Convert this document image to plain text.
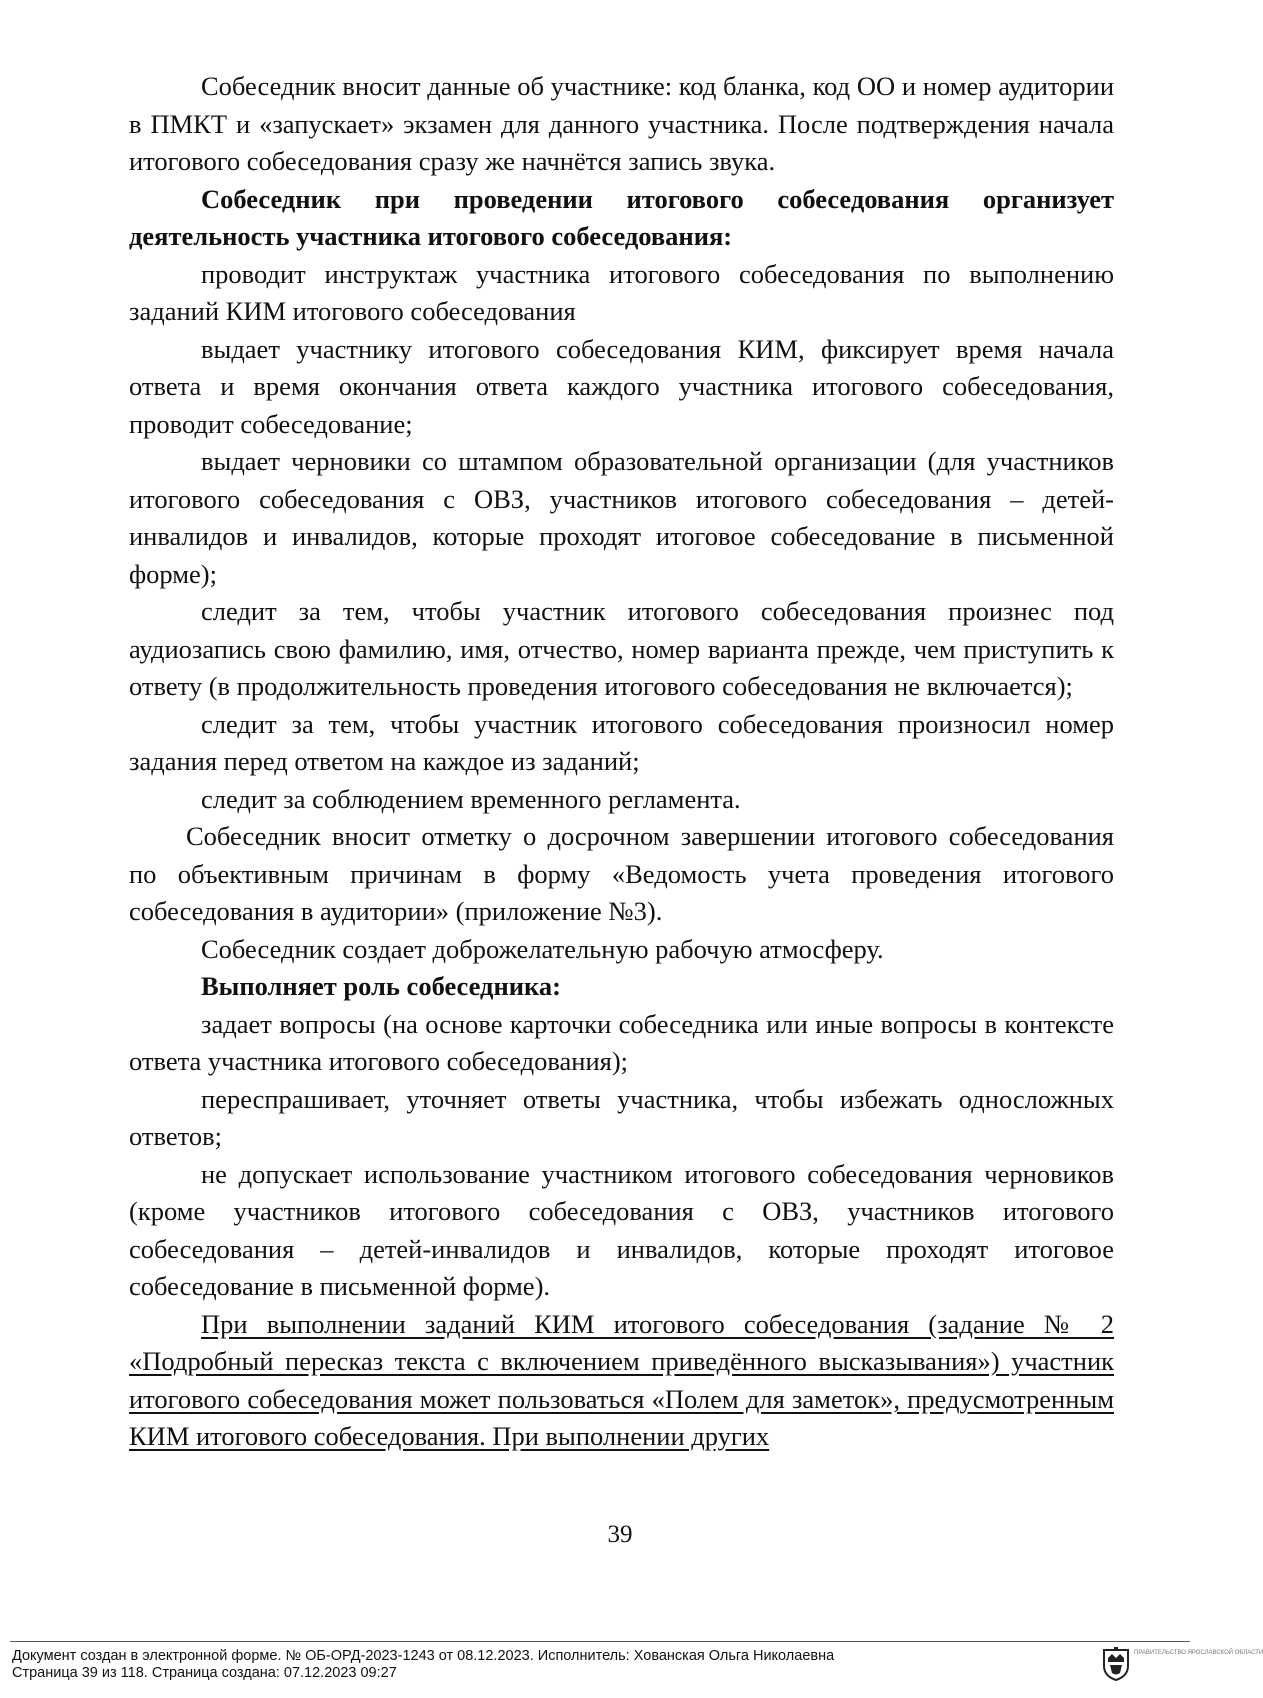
Собеседник вносит данные об участнике: код бланка, код ОО и номер аудитории в ПМКТ и «запускает» экзамен для данного участника. После подтверждения начала итогового собеседования сразу же начнётся запись звука.

Собеседник при проведении итогового собеседования организует деятельность участника итогового собеседования:

проводит инструктаж участника итогового собеседования по выполнению заданий КИМ итогового собеседования

выдает участнику итогового собеседования КИМ, фиксирует время начала ответа и время окончания ответа каждого участника итогового собеседования, проводит собеседование;

выдает черновики со штампом образовательной организации (для участников итогового собеседования с ОВЗ, участников итогового собеседования – детей-инвалидов и инвалидов, которые проходят итоговое собеседование в письменной форме);

следит за тем, чтобы участник итогового собеседования произнес под аудиозапись свою фамилию, имя, отчество, номер варианта прежде, чем приступить к ответу (в продолжительность проведения итогового собеседования не включается);

следит за тем, чтобы участник итогового собеседования произносил номер задания перед ответом на каждое из заданий;

следит за соблюдением временного регламента.

Собеседник вносит отметку о досрочном завершении итогового собеседования по объективным причинам в форму «Ведомость учета проведения итогового собеседования в аудитории» (приложение №3).

Собеседник создает доброжелательную рабочую атмосферу.

Выполняет роль собеседника:

задает вопросы (на основе карточки собеседника или иные вопросы в контексте ответа участника итогового собеседования);

переспрашивает, уточняет ответы участника, чтобы избежать односложных ответов;

не допускает использование участником итогового собеседования черновиков (кроме участников итогового собеседования с ОВЗ, участников итогового собеседования – детей-инвалидов и инвалидов, которые проходят итоговое собеседование в письменной форме).

При выполнении заданий КИМ итогового собеседования (задание № 2 «Подробный пересказ текста с включением приведённого высказывания») участник итогового собеседования может пользоваться «Полем для заметок», предусмотренным КИМ итогового собеседования. При выполнении других

39
Документ создан в электронной форме. № ОБ-ОРД-2023-1243 от 08.12.2023. Исполнитель: Хованская Ольга Николаевна
Страница 39 из 118. Страница создана: 07.12.2023 09:27
ПРАВИТЕЛЬСТВО ЯРОСЛАВСКОЙ ОБЛАСТИ
